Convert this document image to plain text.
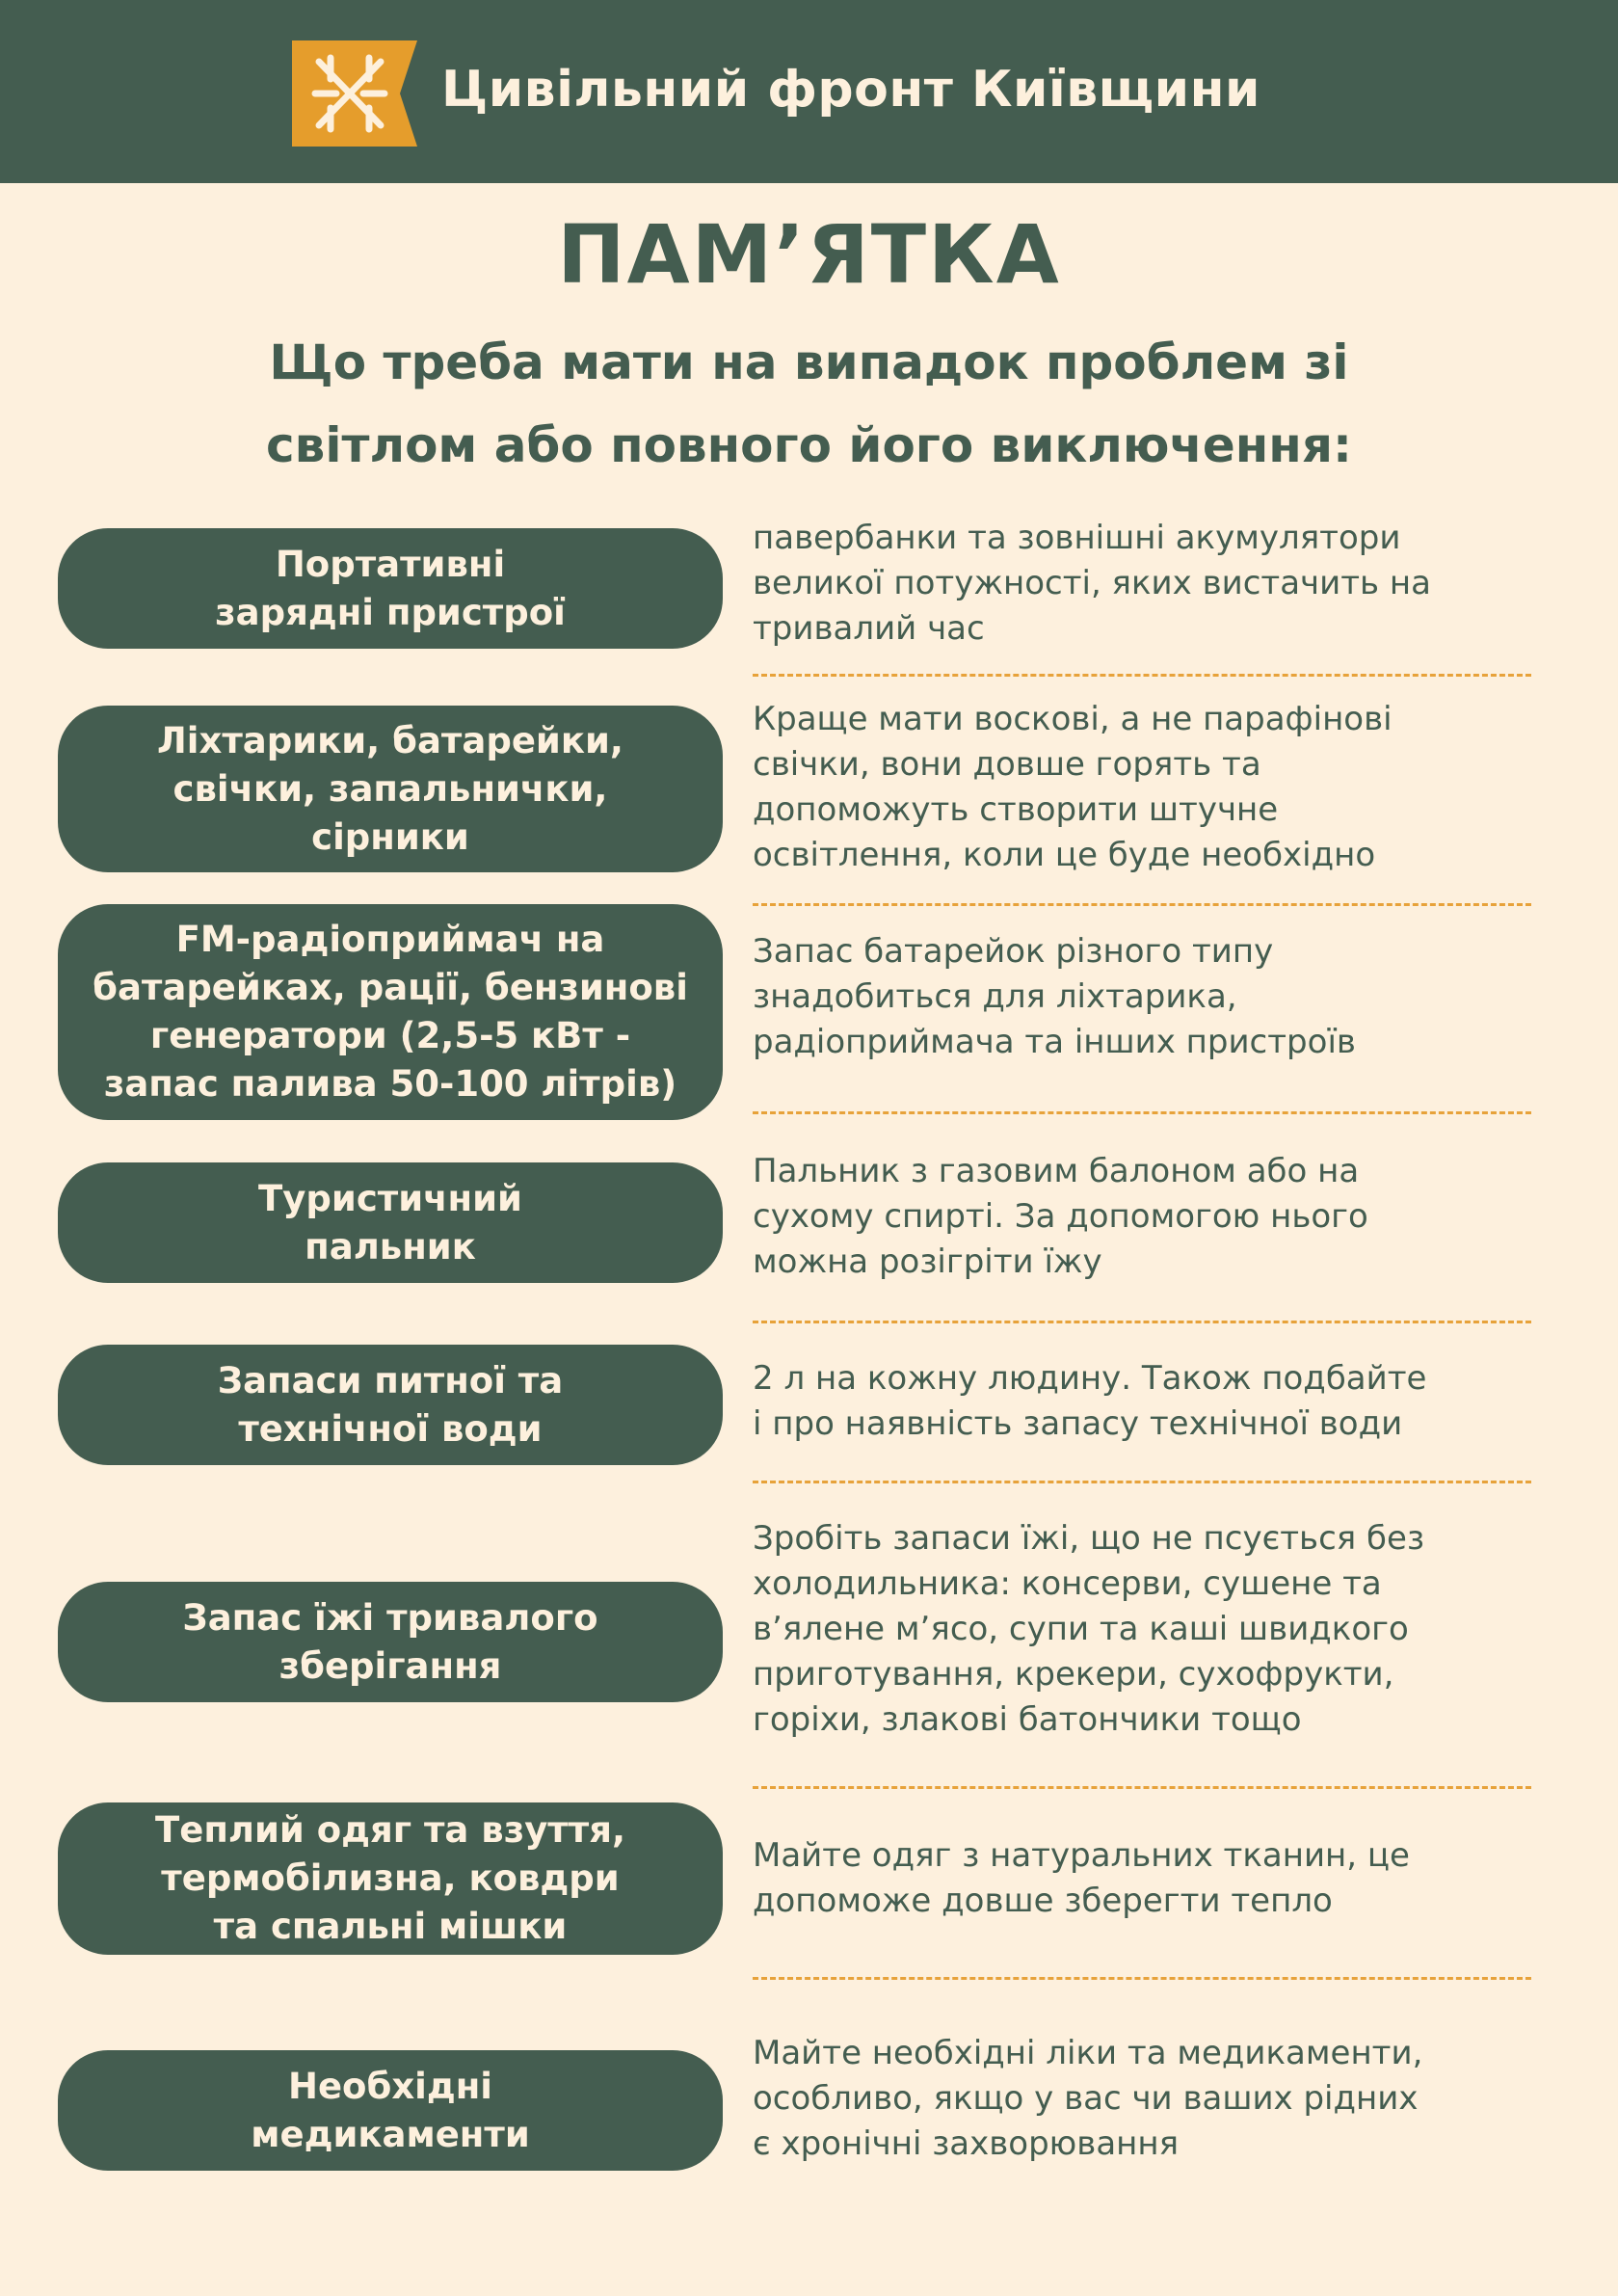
Цивільний фронт Київщини
ПАМ’ЯТКА
Що треба мати на випадок проблем зі
світлом або повного його виключення:
Портативні
зарядні пристрої
павербанки та зовнішні акумулятори
великої потужності, яких вистачить на
тривалий час
Ліхтарики, батарейки,
свічки, запальнички,
сірники
Краще мати воскові, а не парафінові
свічки, вони довше горять та
допоможуть створити штучне
освітлення, коли це буде необхідно
FM-радіоприймач на
батарейках, рації, бензинові
генератори (2,5-5 кВт -
запас палива 50-100 літрів)
Запас батарейок різного типу
знадобиться для ліхтарика,
радіоприймача та інших пристроїв
Туристичний
пальник
Пальник з газовим балоном або на
сухому спирті. За допомогою нього
можна розігріти їжу
Запаси питної та
технічної води
2 л на кожну людину. Також подбайте
і про наявність запасу технічної води
Запас їжі тривалого
зберігання
Зробіть запаси їжі, що не псується без
холодильника: консерви, сушене та
в’ялене м’ясо, супи та каші швидкого
приготування, крекери, сухофрукти,
горіхи, злакові батончики тощо
Теплий одяг та взуття,
термобілизна, ковдри
та спальні мішки
Майте одяг з натуральних тканин, це
допоможе довше зберегти тепло
Необхідні
медикаменти
Майте необхідні ліки та медикаменти,
особливо, якщо у вас чи ваших рідних
є хронічні захворювання
